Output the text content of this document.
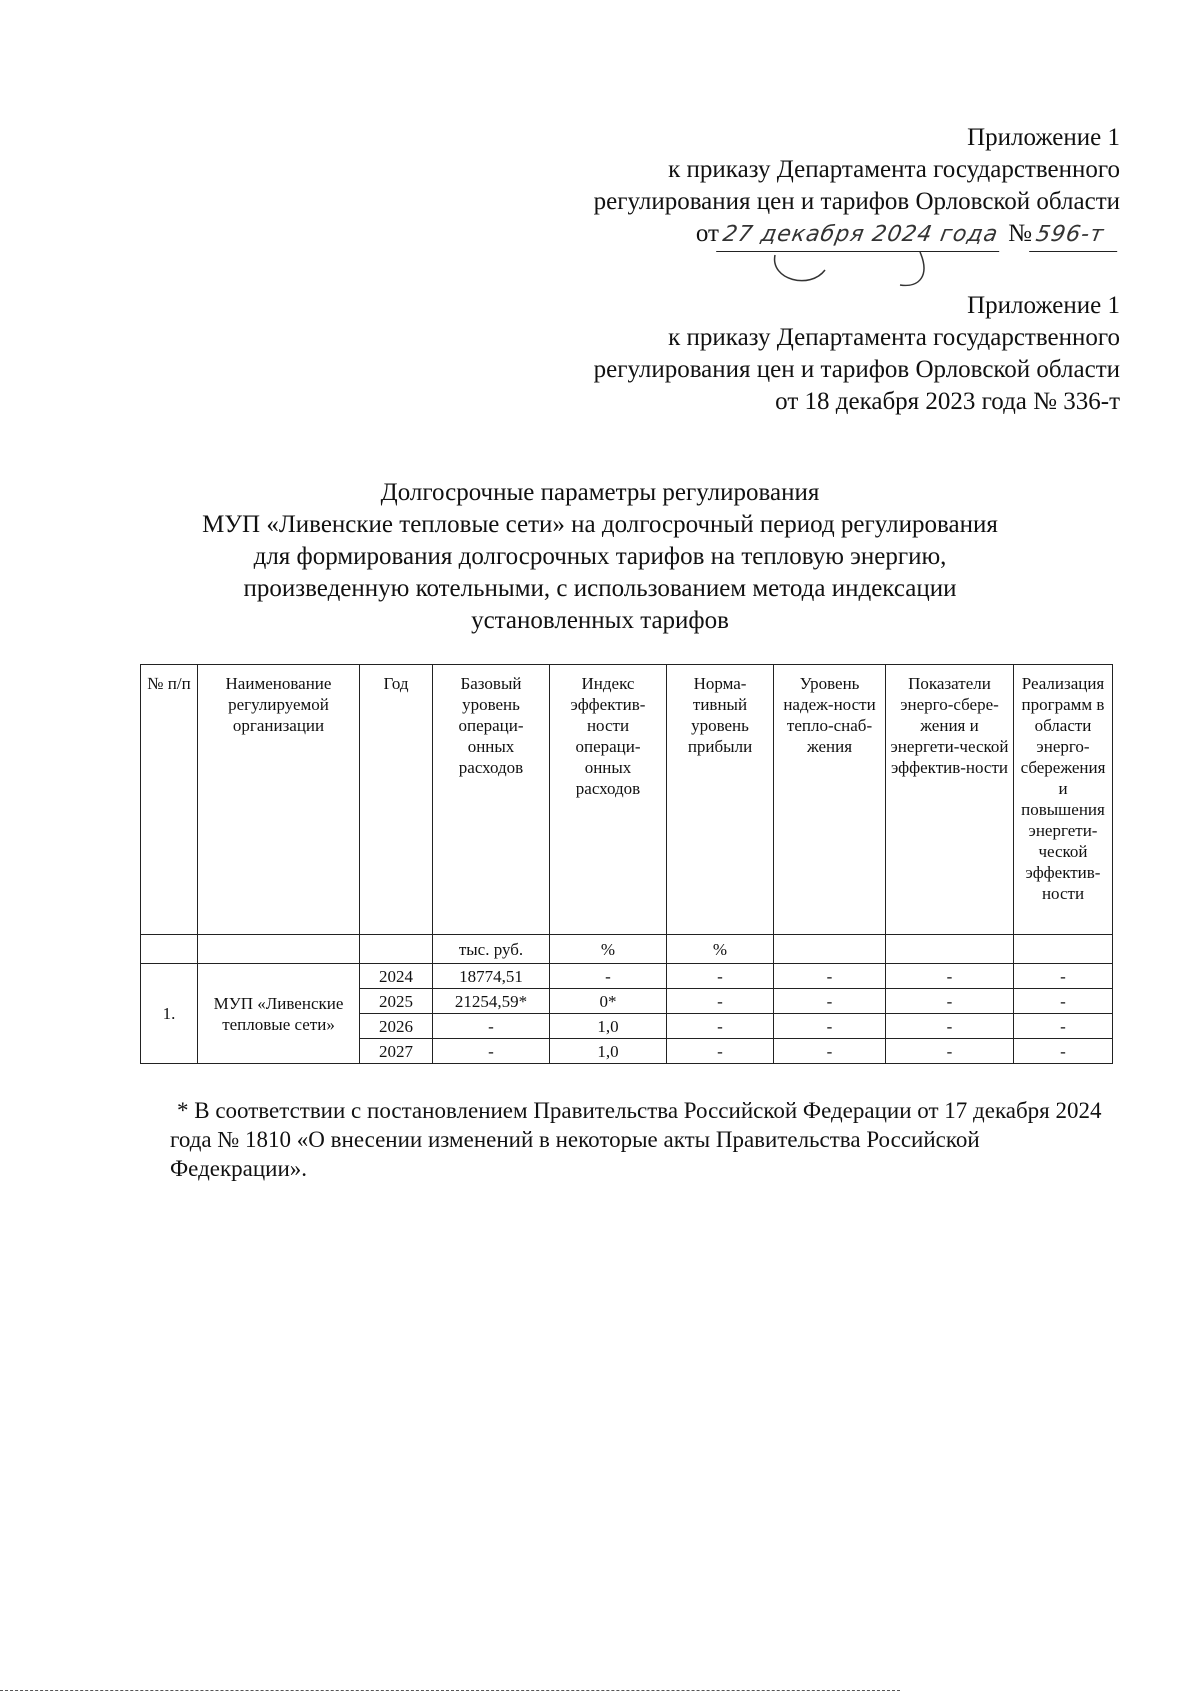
Приложение 1
к приказу Департамента государственного
регулирования цен и тарифов Орловской области
от27 декабря 2024 года №596-т
Приложение 1
к приказу Департамента государственного
регулирования цен и тарифов Орловской области
от 18 декабря 2023 года № 336-т
Долгосрочные параметры регулирования
МУП «Ливенские тепловые сети» на долгосрочный период регулирования
для формирования долгосрочных тарифов на тепловую энергию,
произведенную котельными, с использованием метода индексации
установленных тарифов
№ п/п	Наименование регулируемой организации	Год	Базовый уровень операци-онных расходов	Индекс эффектив-ности операци-онных расходов	Норма-тивный уровень прибыли	Уровень надеж-ности тепло-снаб-жения	Показатели энерго-сбере-жения и энергети-ческой эффектив-ности	Реализация программ в области энерго-сбережения и повышения энергети-ческой эффектив-ности
			тыс. руб.	%	%			
1.	МУП «Ливенские тепловые сети»	2024	18774,51	-	-	-	-	-
		2025	21254,59*	0*	-	-	-	-
		2026	-	1,0	-	-	-	-
		2027	-	1,0	-	-	-	-
* В соответствии с постановлением Правительства Российской Федерации от 17 декабря 2024 года № 1810 «О внесении изменений в некоторые акты Правительства Российской Федекрации».
